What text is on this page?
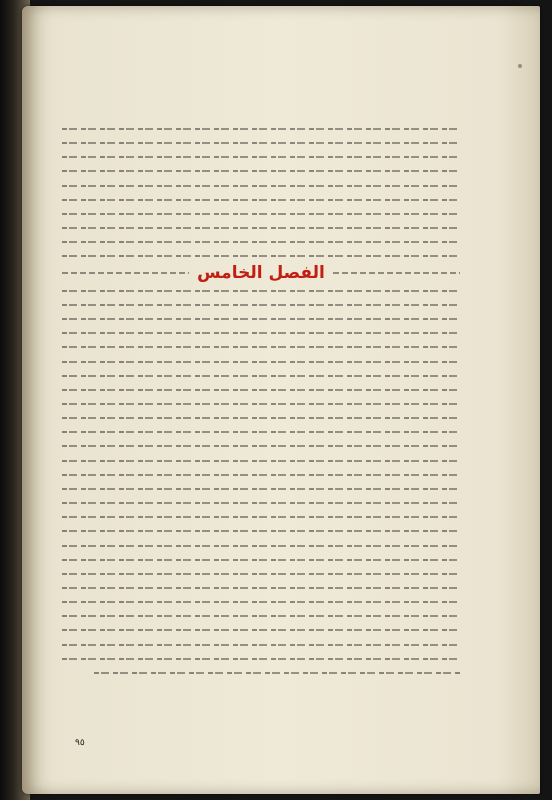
الفصل الخامس
٩٥
